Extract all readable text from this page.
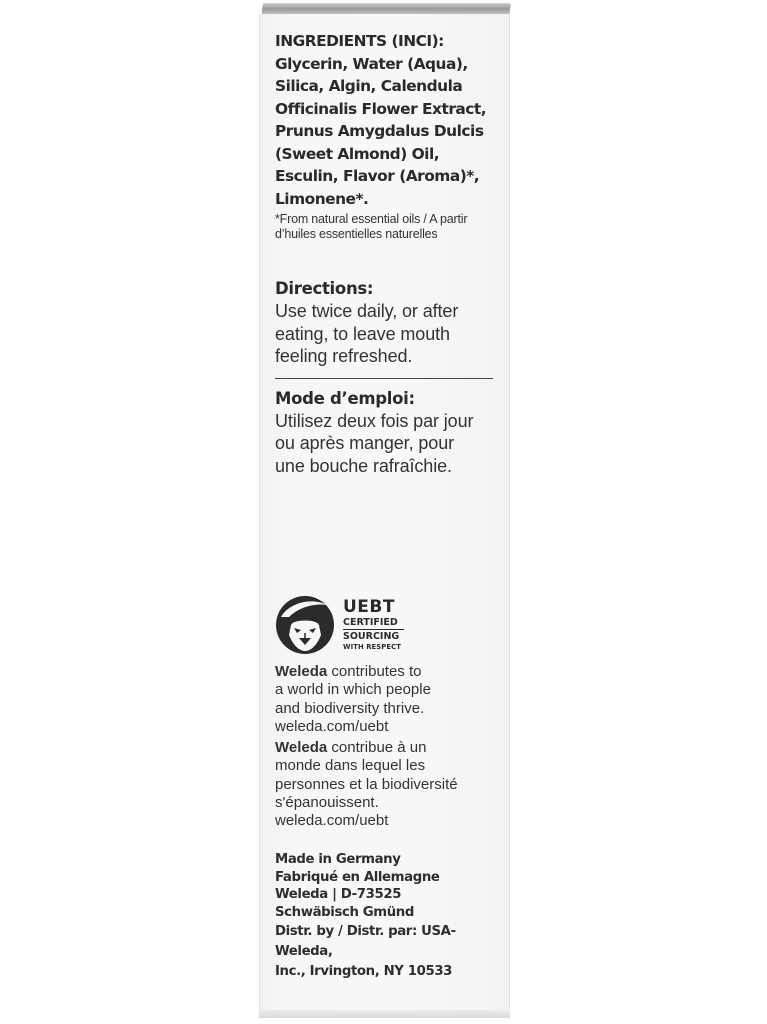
INGREDIENTS (INCI):
Glycerin, Water (Aqua),
Silica, Algin, Calendula
Officinalis Flower Extract,
Prunus Amygdalus Dulcis
(Sweet Almond) Oil,
Esculin, Flavor (Aroma)*,
Limonene*.

*From natural essential oils / A partir
d’huiles essentielles naturelles

Directions:

Use twice daily, or after
eating, to leave mouth
feeling refreshed.

Mode d’emploi:

Utilisez deux fois par jour
ou après manger, pour
une bouche rafraîchie.

UEBT
CERTIFIED
SOURCING
WITH RESPECT

Weleda contributes to
a world in which people
and biodiversity thrive.
weleda.com/uebt

Weleda contribue à un
monde dans lequel les
personnes et la biodiversité
s'épanouissent.
weleda.com/uebt

Made in Germany
Fabriqué en Allemagne
Weleda | D-73525
Schwäbisch Gmünd

Distr. by / Distr. par: USA-Weleda,
Inc., Irvington, NY 10533
